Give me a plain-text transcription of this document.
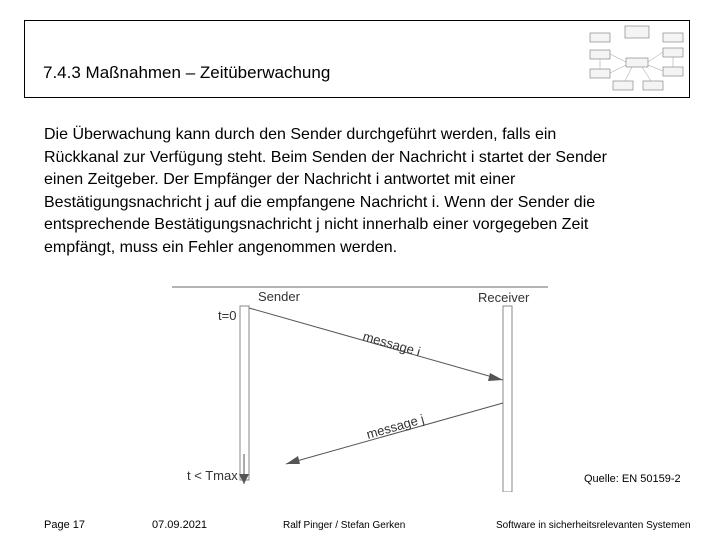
7.4.3 Maßnahmen – Zeitüberwachung
Die Überwachung kann durch den Sender durchgeführt werden, falls ein
Rückkanal zur Verfügung steht. Beim Senden der Nachricht i startet der Sender
einen Zeitgeber. Der Empfänger der Nachricht i antwortet mit einer
Bestätigungsnachricht j auf die empfangene Nachricht i. Wenn der Sender die
entsprechende Bestätigungsnachricht j nicht innerhalb einer vorgegeben Zeit
empfängt, muss ein Fehler angenommen werden.
Sender	Receiver
t=0
t < Tmax
message i
message j
Quelle: EN 50159-2
Page 17	07.09.2021	Ralf Pinger / Stefan Gerken	Software in sicherheitsrelevanten Systemen
